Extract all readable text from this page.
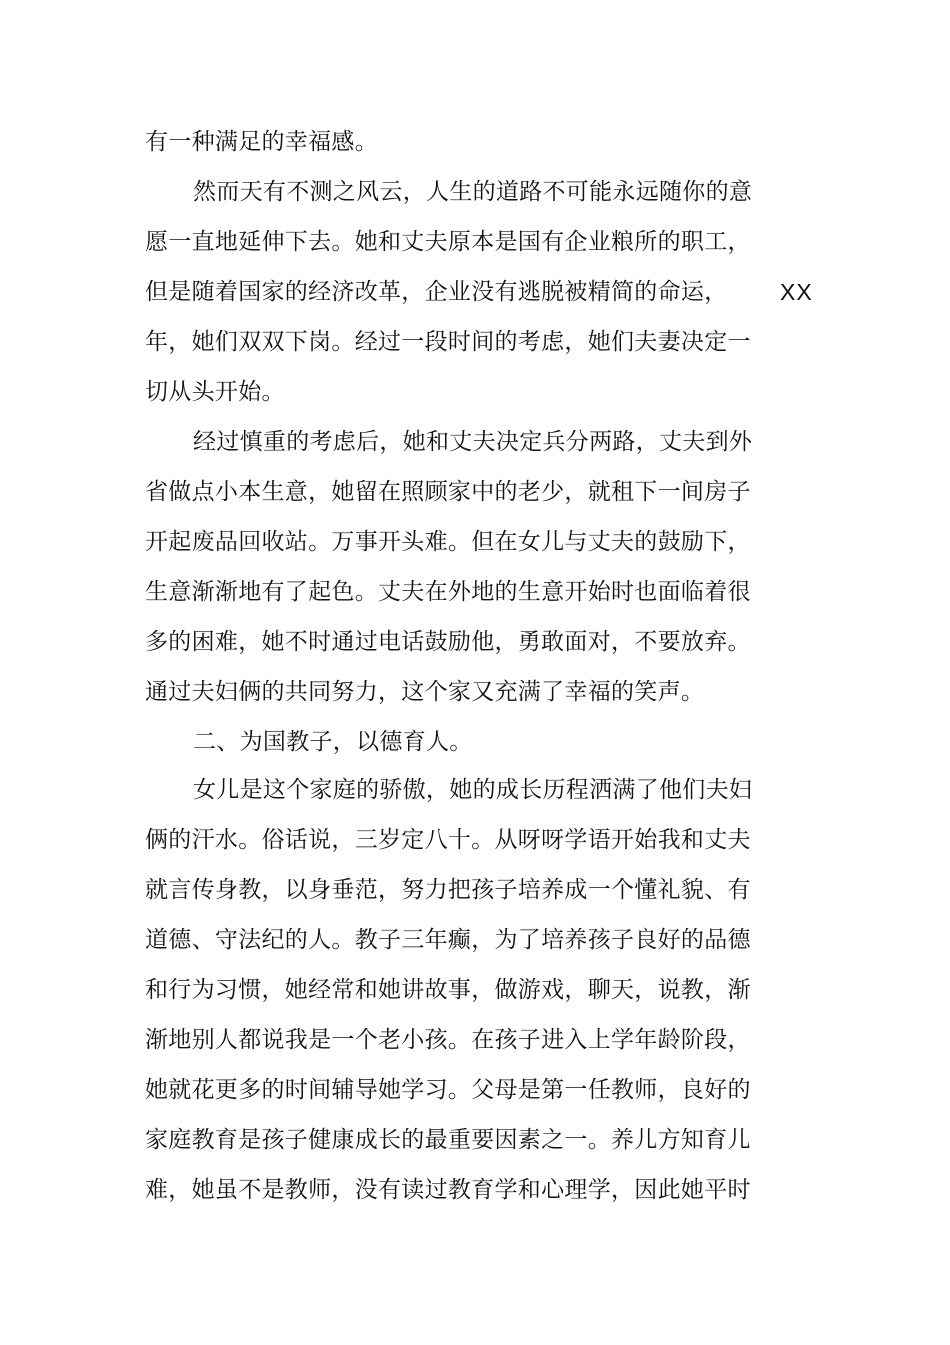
有一种满足的幸福感。
然而天有不测之风云，人生的道路不可能永远随你的意
愿一直地延伸下去。她和丈夫原本是国有企业粮所的职工，
但是随着国家的经济改革，企业没有逃脱被精简的命运，	XX
年，她们双双下岗。经过一段时间的考虑，她们夫妻决定一
切从头开始。
经过慎重的考虑后，她和丈夫决定兵分两路，丈夫到外
省做点小本生意，她留在照顾家中的老少，就租下一间房子
开起废品回收站。万事开头难。但在女儿与丈夫的鼓励下，
生意渐渐地有了起色。丈夫在外地的生意开始时也面临着很
多的困难，她不时通过电话鼓励他，勇敢面对，不要放弃。
通过夫妇俩的共同努力，这个家又充满了幸福的笑声。
二、为国教子，以德育人。
女儿是这个家庭的骄傲，她的成长历程洒满了他们夫妇
俩的汗水。俗话说，三岁定八十。从呀呀学语开始我和丈夫
就言传身教，以身垂范，努力把孩子培养成一个懂礼貌、有
道德、守法纪的人。教子三年癫，为了培养孩子良好的品德
和行为习惯，她经常和她讲故事，做游戏，聊天，说教，渐
渐地别人都说我是一个老小孩。在孩子进入上学年龄阶段，
她就花更多的时间辅导她学习。父母是第一任教师，良好的
家庭教育是孩子健康成长的最重要因素之一。养儿方知育儿
难，她虽不是教师，没有读过教育学和心理学，因此她平时
